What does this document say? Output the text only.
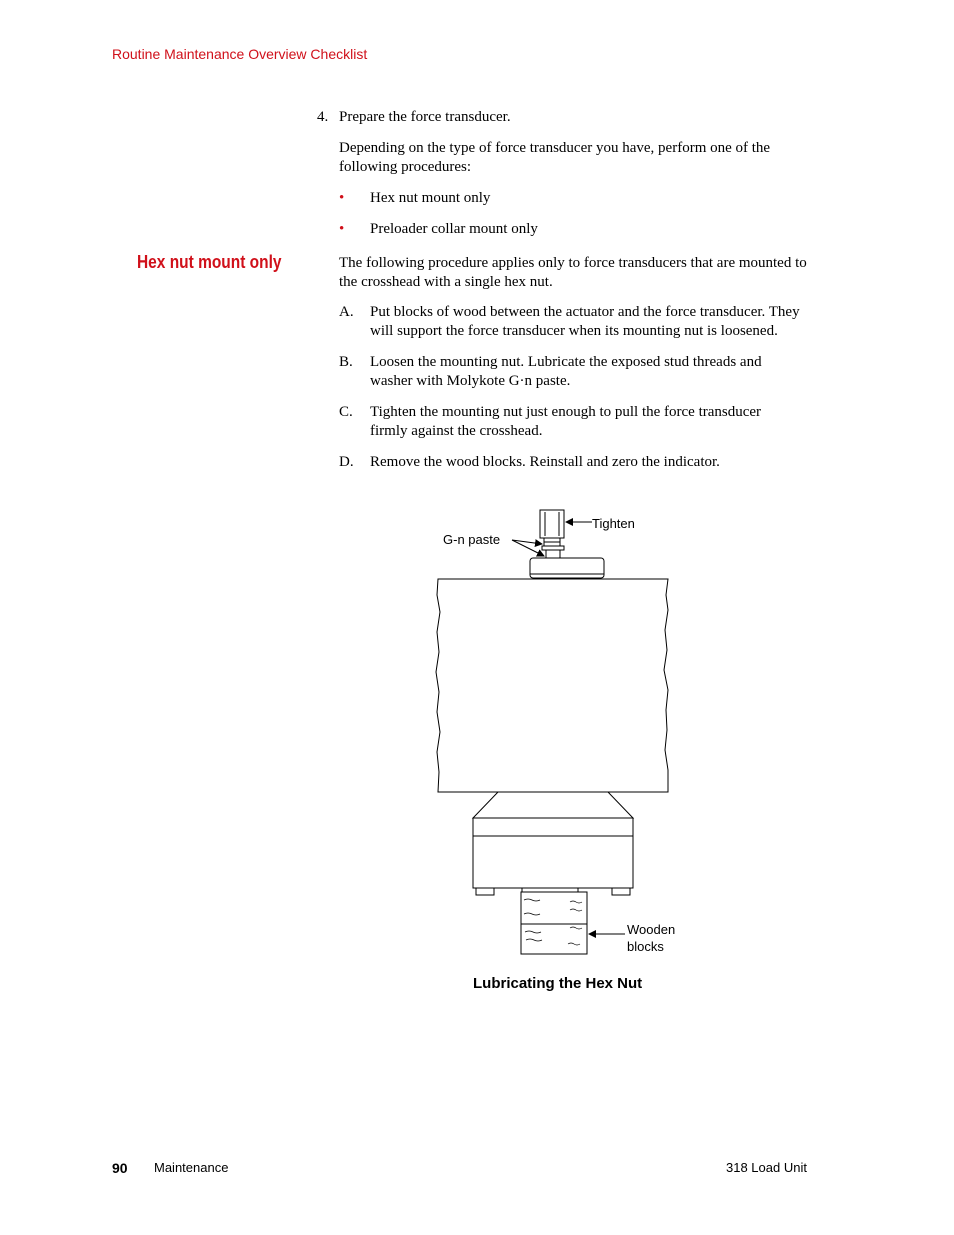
Routine Maintenance Overview Checklist
4. Prepare the force transducer.
Depending on the type of force transducer you have, perform one of the following procedures:
• Hex nut mount only
• Preloader collar mount only
Hex nut mount only	The following procedure applies only to force transducers that are mounted to the crosshead with a single hex nut.
A. Put blocks of wood between the actuator and the force transducer. They will support the force transducer when its mounting nut is loosened.
B. Loosen the mounting nut. Lubricate the exposed stud threads and washer with Molykote G·n paste.
C. Tighten the mounting nut just enough to pull the force transducer firmly against the crosshead.
D. Remove the wood blocks. Reinstall and zero the indicator.
Tighten
G-n paste
Wooden
blocks
Lubricating the Hex Nut
90 Maintenance	318 Load Unit
